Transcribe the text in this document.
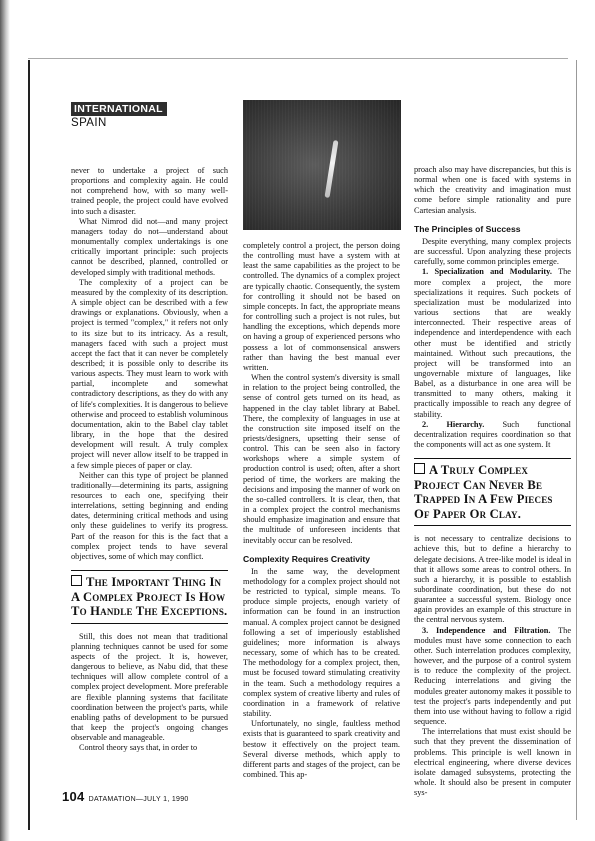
INTERNATIONAL
SPAIN

never to undertake a project of such proportions and complexity again. He could not comprehend how, with so many well-trained people, the project could have evolved into such a disaster.

What Nimrod did not—and many project managers today do not—understand about monumentally complex undertakings is one critically important principle: such projects cannot be described, planned, controlled or developed simply with traditional methods.

The complexity of a project can be measured by the complexity of its description. A simple object can be described with a few drawings or explanations. Obviously, when a project is termed "complex," it refers not only to its size but to its intricacy. As a result, managers faced with such a project must accept the fact that it can never be completely described; it is possible only to describe its various aspects. They must learn to work with partial, incomplete and somewhat contradictory descriptions, as they do with any of life's complexities. It is dangerous to believe otherwise and proceed to establish voluminous documentation, akin to the Babel clay tablet library, in the hope that the desired development will result. A truly complex project will never allow itself to be trapped in a few simple pieces of paper or clay.

Neither can this type of project be planned traditionally—determining its parts, assigning resources to each one, specifying their interrelations, setting beginning and ending dates, determining critical methods and using only these guidelines to verify its progress. Part of the reason for this is the fact that a complex project tends to have several objectives, some of which may conflict.

The Important Thing In A Complex Project Is How To Handle The Exceptions.

Still, this does not mean that traditional planning techniques cannot be used for some aspects of the project. It is, however, dangerous to believe, as Nabu did, that these techniques will allow complete control of a complex project development. More preferable are flexible planning systems that facilitate coordination between the project's parts, while enabling paths of development to be pursued that keep the project's ongoing changes observable and manageable.

Control theory says that, in order to

completely control a project, the person doing the controlling must have a system with at least the same capabilities as the project to be controlled. The dynamics of a complex project are typically chaotic. Consequently, the system for controlling it should not be based on simple concepts. In fact, the appropriate means for controlling such a project is not rules, but handling the exceptions, which depends more on having a group of experienced persons who possess a lot of commonsensical answers rather than having the best manual ever written.

When the control system's diversity is small in relation to the project being controlled, the sense of control gets turned on its head, as happened in the clay tablet library at Babel. There, the complexity of languages in use at the construction site imposed itself on the priests/designers, upsetting their sense of control. This can be seen also in factory workshops where a simple system of production control is used; often, after a short period of time, the workers are making the decisions and imposing the manner of work on the so-called controllers. It is clear, then, that in a complex project the control mechanisms should emphasize imagination and ensure that the multitude of unforeseen incidents that inevitably occur can be resolved.

Complexity Requires Creativity

In the same way, the development methodology for a complex project should not be restricted to typical, simple means. To produce simple projects, enough variety of information can be found in an instruction manual. A complex project cannot be designed following a set of imperiously established guidelines; more information is always necessary, some of which has to be created. The methodology for a complex project, then, must be focused toward stimulating creativity in the team. Such a methodology requires a complex system of creative liberty and rules of coordination in a framework of relative stability.

Unfortunately, no single, faultless method exists that is guaranteed to spark creativity and bestow it effectively on the project team. Several diverse methods, which apply to different parts and stages of the project, can be combined. This ap-

proach also may have discrepancies, but this is normal when one is faced with systems in which the creativity and imagination must come before simple rationality and pure Cartesian analysis.

The Principles of Success

Despite everything, many complex projects are successful. Upon analyzing these projects carefully, some common principles emerge.

1. Specialization and Modularity. The more complex a project, the more specializations it requires. Such pockets of specialization must be modularized into various sections that are weakly interconnected. Their respective areas of independence and interdependence with each other must be identified and strictly maintained. Without such precautions, the project will be transformed into an ungovernable mixture of languages, like Babel, as a disturbance in one area will be transmitted to many others, making it practically impossible to reach any degree of stability.

2. Hierarchy. Such functional decentralization requires coordination so that the components will act as one system. It

A Truly Complex Project Can Never Be Trapped In A Few Pieces Of Paper Or Clay.

is not necessary to centralize decisions to achieve this, but to define a hierarchy to delegate decisions. A tree-like model is ideal in that it allows some areas to control others. In such a hierarchy, it is possible to establish subordinate coordination, but these do not guarantee a successful system. Biology once again provides an example of this structure in the central nervous system.

3. Independence and Filtration. The modules must have some connection to each other. Such interrelation produces complexity, however, and the purpose of a control system is to reduce the complexity of the project. Reducing interrelations and giving the modules greater autonomy makes it possible to test the project's parts independently and put them into use without having to follow a rigid sequence.

The interrelations that must exist should be such that they prevent the dissemination of problems. This principle is well known in electrical engineering, where diverse devices isolate damaged subsystems, protecting the whole. It should also be present in computer sys-

104 DATAMATION—JULY 1, 1990
